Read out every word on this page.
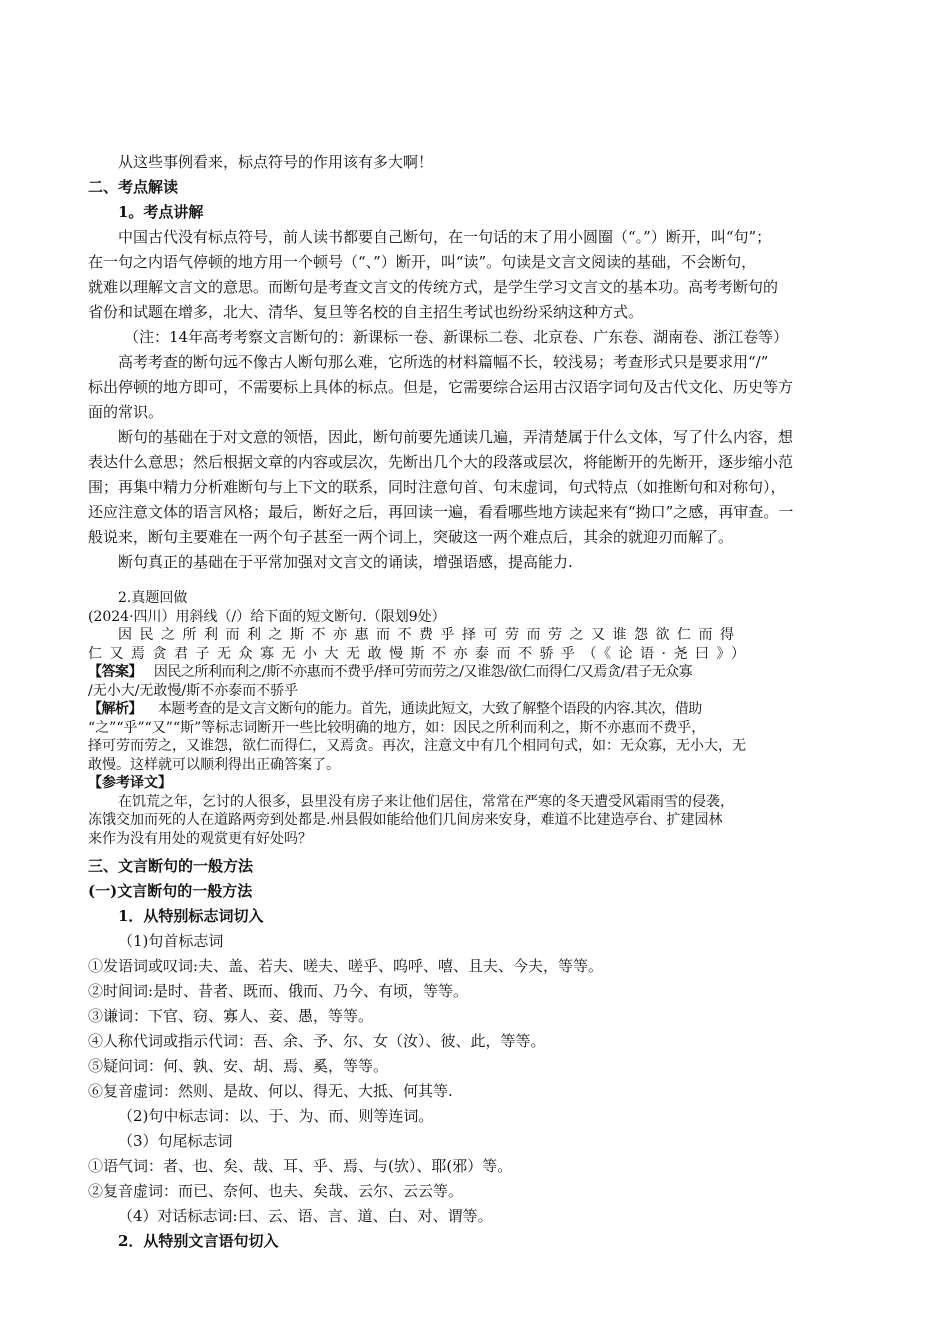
从这些事例看来，标点符号的作用该有多大啊！

二、考点解读

1。考点讲解

中国古代没有标点符号，前人读书都要自己断句，在一句话的末了用小圆圈（“。”）断开，叫“句”；

在一句之内语气停顿的地方用一个顿号（“、”）断开，叫“读”。句读是文言文阅读的基础，不会断句，

就难以理解文言文的意思。而断句是考查文言文的传统方式，是学生学习文言文的基本功。高考考断句的

省份和试题在增多，北大、清华、复旦等名校的自主招生考试也纷纷采纳这种方式。

（注：14年高考考察文言断句的：新课标一卷、新课标二卷、北京卷、广东卷、湖南卷、浙江卷等）

高考考查的断句远不像古人断句那么难，它所选的材料篇幅不长，较浅易；考查形式只是要求用“/”

标出停顿的地方即可，不需要标上具体的标点。但是，它需要综合运用古汉语字词句及古代文化、历史等方

面的常识。

断句的基础在于对文意的领悟，因此，断句前要先通读几遍，弄清楚属于什么文体，写了什么内容，想

表达什么意思；然后根据文章的内容或层次，先断出几个大的段落或层次，将能断开的先断开，逐步缩小范

围；再集中精力分析难断句与上下文的联系，同时注意句首、句末虚词，句式特点（如推断句和对称句），

还应注意文体的语言风格；最后，断好之后，再回读一遍，看看哪些地方读起来有“拗口”之感，再审查。一

般说来，断句主要难在一两个句子甚至一两个词上，突破这一两个难点后，其余的就迎刃而解了。

断句真正的基础在于平常加强对文言文的诵读，增强语感，提高能力.

2.真题回做

(2024·四川）用斜线（/）给下面的短文断句.（限划9处）

因民之所利而利之斯不亦惠而不费乎择可劳而劳之又谁怨欲仁而得

仁又焉贪君子无众寡无小大无敢慢斯不亦泰而不骄乎（《论语·尧曰》）

【答案】 因民之所利而利之/斯不亦惠而不费乎/择可劳而劳之/又谁怨/欲仁而得仁/又焉贪/君子无众寡

/无小大/无敢慢/斯不亦泰而不骄乎

【解析】 本题考查的是文言文断句的能力。首先，通读此短文，大致了解整个语段的内容.其次，借助

“之”“乎”“又”“斯”等标志词断开一些比较明确的地方，如：因民之所利而利之，斯不亦惠而不费乎，

择可劳而劳之，又谁怨，欲仁而得仁，又焉贪。再次，注意文中有几个相同句式，如：无众寡，无小大，无

敢慢。这样就可以顺利得出正确答案了。

【参考译文】

在饥荒之年，乞讨的人很多，县里没有房子来让他们居住，常常在严寒的冬天遭受风霜雨雪的侵袭，

冻饿交加而死的人在道路两旁到处都是.州县假如能给他们几间房来安身，难道不比建造亭台、扩建园林

来作为没有用处的观赏更有好处吗？

三、文言断句的一般方法

(一)文言断句的一般方法

1．从特别标志词切入

（1)句首标志词

①发语词或叹词:夫、盖、若夫、嗟夫、嗟乎、呜呼、嘻、且夫、今夫，等等。

②时间词:是时、昔者、既而、俄而、乃今、有顷，等等。

③谦词：下官、窃、寡人、妾、愚，等等。

④人称代词或指示代词：吾、余、予、尔、女（汝）、彼、此，等等。

⑤疑问词：何、孰、安、胡、焉、奚，等等。

⑥复音虚词：然则、是故、何以、得无、大抵、何其等.

（2)句中标志词：以、于、为、而、则等连词。

（3）句尾标志词

①语气词：者、也、矣、哉、耳、乎、焉、与(欤）、耶(邪）等。

②复音虚词：而已、奈何、也夫、矣哉、云尔、云云等。

（4）对话标志词:曰、云、语、言、道、白、对、谓等。

2．从特别文言语句切入
